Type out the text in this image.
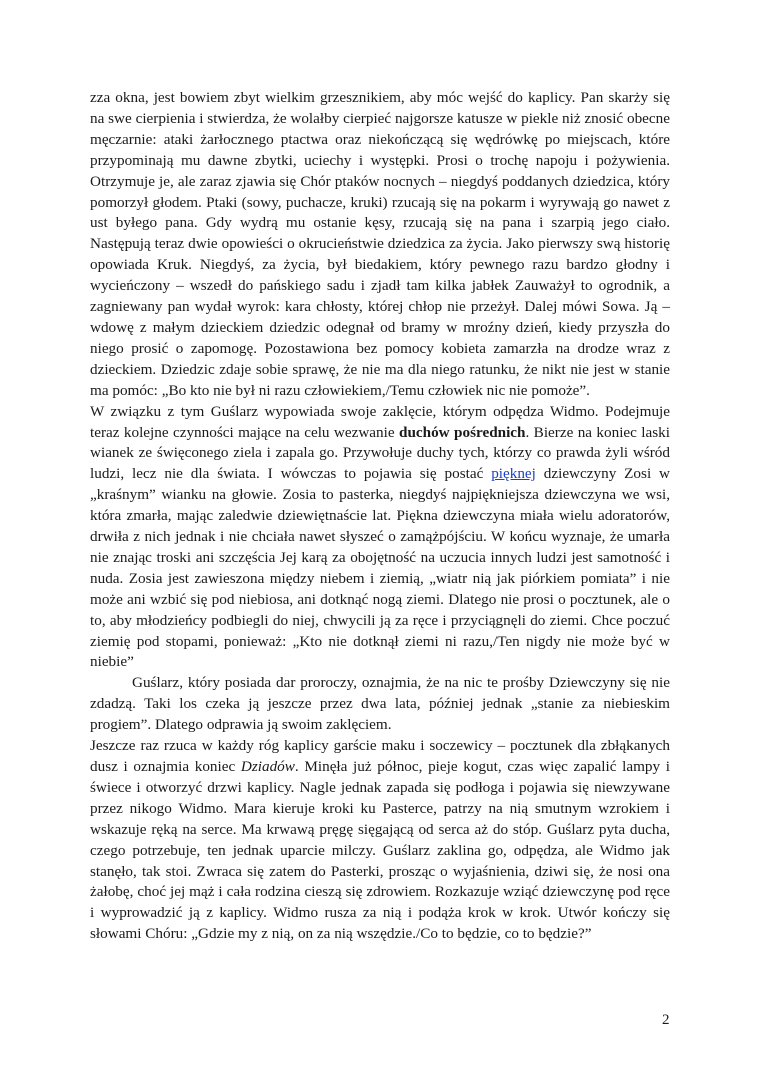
zza okna, jest bowiem zbyt wielkim grzesznikiem, aby móc wejść do kaplicy. Pan skarży się na swe cierpienia i stwierdza, że wolałby cierpieć najgorsze katusze w piekle niż znosić obecne męczarnie: ataki żarłocznego ptactwa oraz niekończącą się wędrówkę po miejscach, które przypominają mu dawne zbytki, uciechy i występki. Prosi o trochę napoju i pożywienia. Otrzymuje je, ale zaraz zjawia się Chór ptaków nocnych – niegdyś poddanych dziedzica, który pomorzył głodem. Ptaki (sowy, puchacze, kruki) rzucają się na pokarm i wyrywają go nawet z ust byłego pana. Gdy wydrą mu ostanie kęsy, rzucają się na pana i szarpią jego ciało. Następują teraz dwie opowieści o okrucieństwie dziedzica za życia. Jako pierwszy swą historię opowiada Kruk. Niegdyś, za życia, był biedakiem, który pewnego razu bardzo głodny i wycieńczony – wszedł do pańskiego sadu i zjadł tam kilka jabłek Zauważył to ogrodnik, a zagniewany pan wydał wyrok: kara chłosty, której chłop nie przeżył. Dalej mówi Sowa. Ją – wdowę z małym dzieckiem dziedzic odegnał od bramy w mroźny dzień, kiedy przyszła do niego prosić o zapomogę. Pozostawiona bez pomocy kobieta zamarzła na drodze wraz z dzieckiem. Dziedzic zdaje sobie sprawę, że nie ma dla niego ratunku, że nikt nie jest w stanie ma pomóc: „Bo kto nie był ni razu człowiekiem,/Temu człowiek nic nie pomoże”.

W związku z tym Guślarz wypowiada swoje zaklęcie, którym odpędza Widmo. Podejmuje teraz kolejne czynności mające na celu wezwanie duchów pośrednich. Bierze na koniec laski wianek ze święconego ziela i zapala go. Przywołuje duchy tych, którzy co prawda żyli wśród ludzi, lecz nie dla świata. I wówczas to pojawia się postać pięknej dziewczyny Zosi w „kraśnym” wianku na głowie. Zosia to pasterka, niegdyś najpiękniejsza dziewczyna we wsi, która zmarła, mając zaledwie dziewiętnaście lat. Piękna dziewczyna miała wielu adoratorów, drwiła z nich jednak i nie chciała nawet słyszeć o zamążpójściu. W końcu wyznaje, że umarła nie znając troski ani szczęścia Jej karą za obojętność na uczucia innych ludzi jest samotność i nuda. Zosia jest zawieszona między niebem i ziemią, „wiatr nią jak piórkiem pomiata” i nie może ani wzbić się pod niebiosa, ani dotknąć nogą ziemi. Dlatego nie prosi o pocztunek, ale o to, aby młodzieńcy podbiegli do niej, chwycili ją za ręce i przyciągnęli do ziemi. Chce poczuć ziemię pod stopami, ponieważ: „Kto nie dotknął ziemi ni razu,/Ten nigdy nie może być w niebie”

Guślarz, który posiada dar proroczy, oznajmia, że na nic te prośby Dziewczyny się nie zdadzą. Taki los czeka ją jeszcze przez dwa lata, później jednak „stanie za niebieskim progiem”. Dlatego odprawia ją swoim zaklęciem.

Jeszcze raz rzuca w każdy róg kaplicy garście maku i soczewicy – pocztunek dla zbłąkanych dusz i oznajmia koniec Dziadów. Minęła już północ, pieje kogut, czas więc zapalić lampy i świece i otworzyć drzwi kaplicy. Nagle jednak zapada się podłoga i pojawia się niewzywane przez nikogo Widmo. Mara kieruje kroki ku Pasterce, patrzy na nią smutnym wzrokiem i wskazuje ręką na serce. Ma krwawą pręgę sięgającą od serca aż do stóp. Guślarz pyta ducha, czego potrzebuje, ten jednak uparcie milczy. Guślarz zaklina go, odpędza, ale Widmo jak stanęło, tak stoi. Zwraca się zatem do Pasterki, prosząc o wyjaśnienia, dziwi się, że nosi ona żałobę, choć jej mąż i cała rodzina cieszą się zdrowiem. Rozkazuje wziąć dziewczynę pod ręce i wyprowadzić ją z kaplicy. Widmo rusza za nią i podąża krok w krok. Utwór kończy się słowami Chóru: „Gdzie my z nią, on za nią wszędzie./Co to będzie, co to będzie?”

2
